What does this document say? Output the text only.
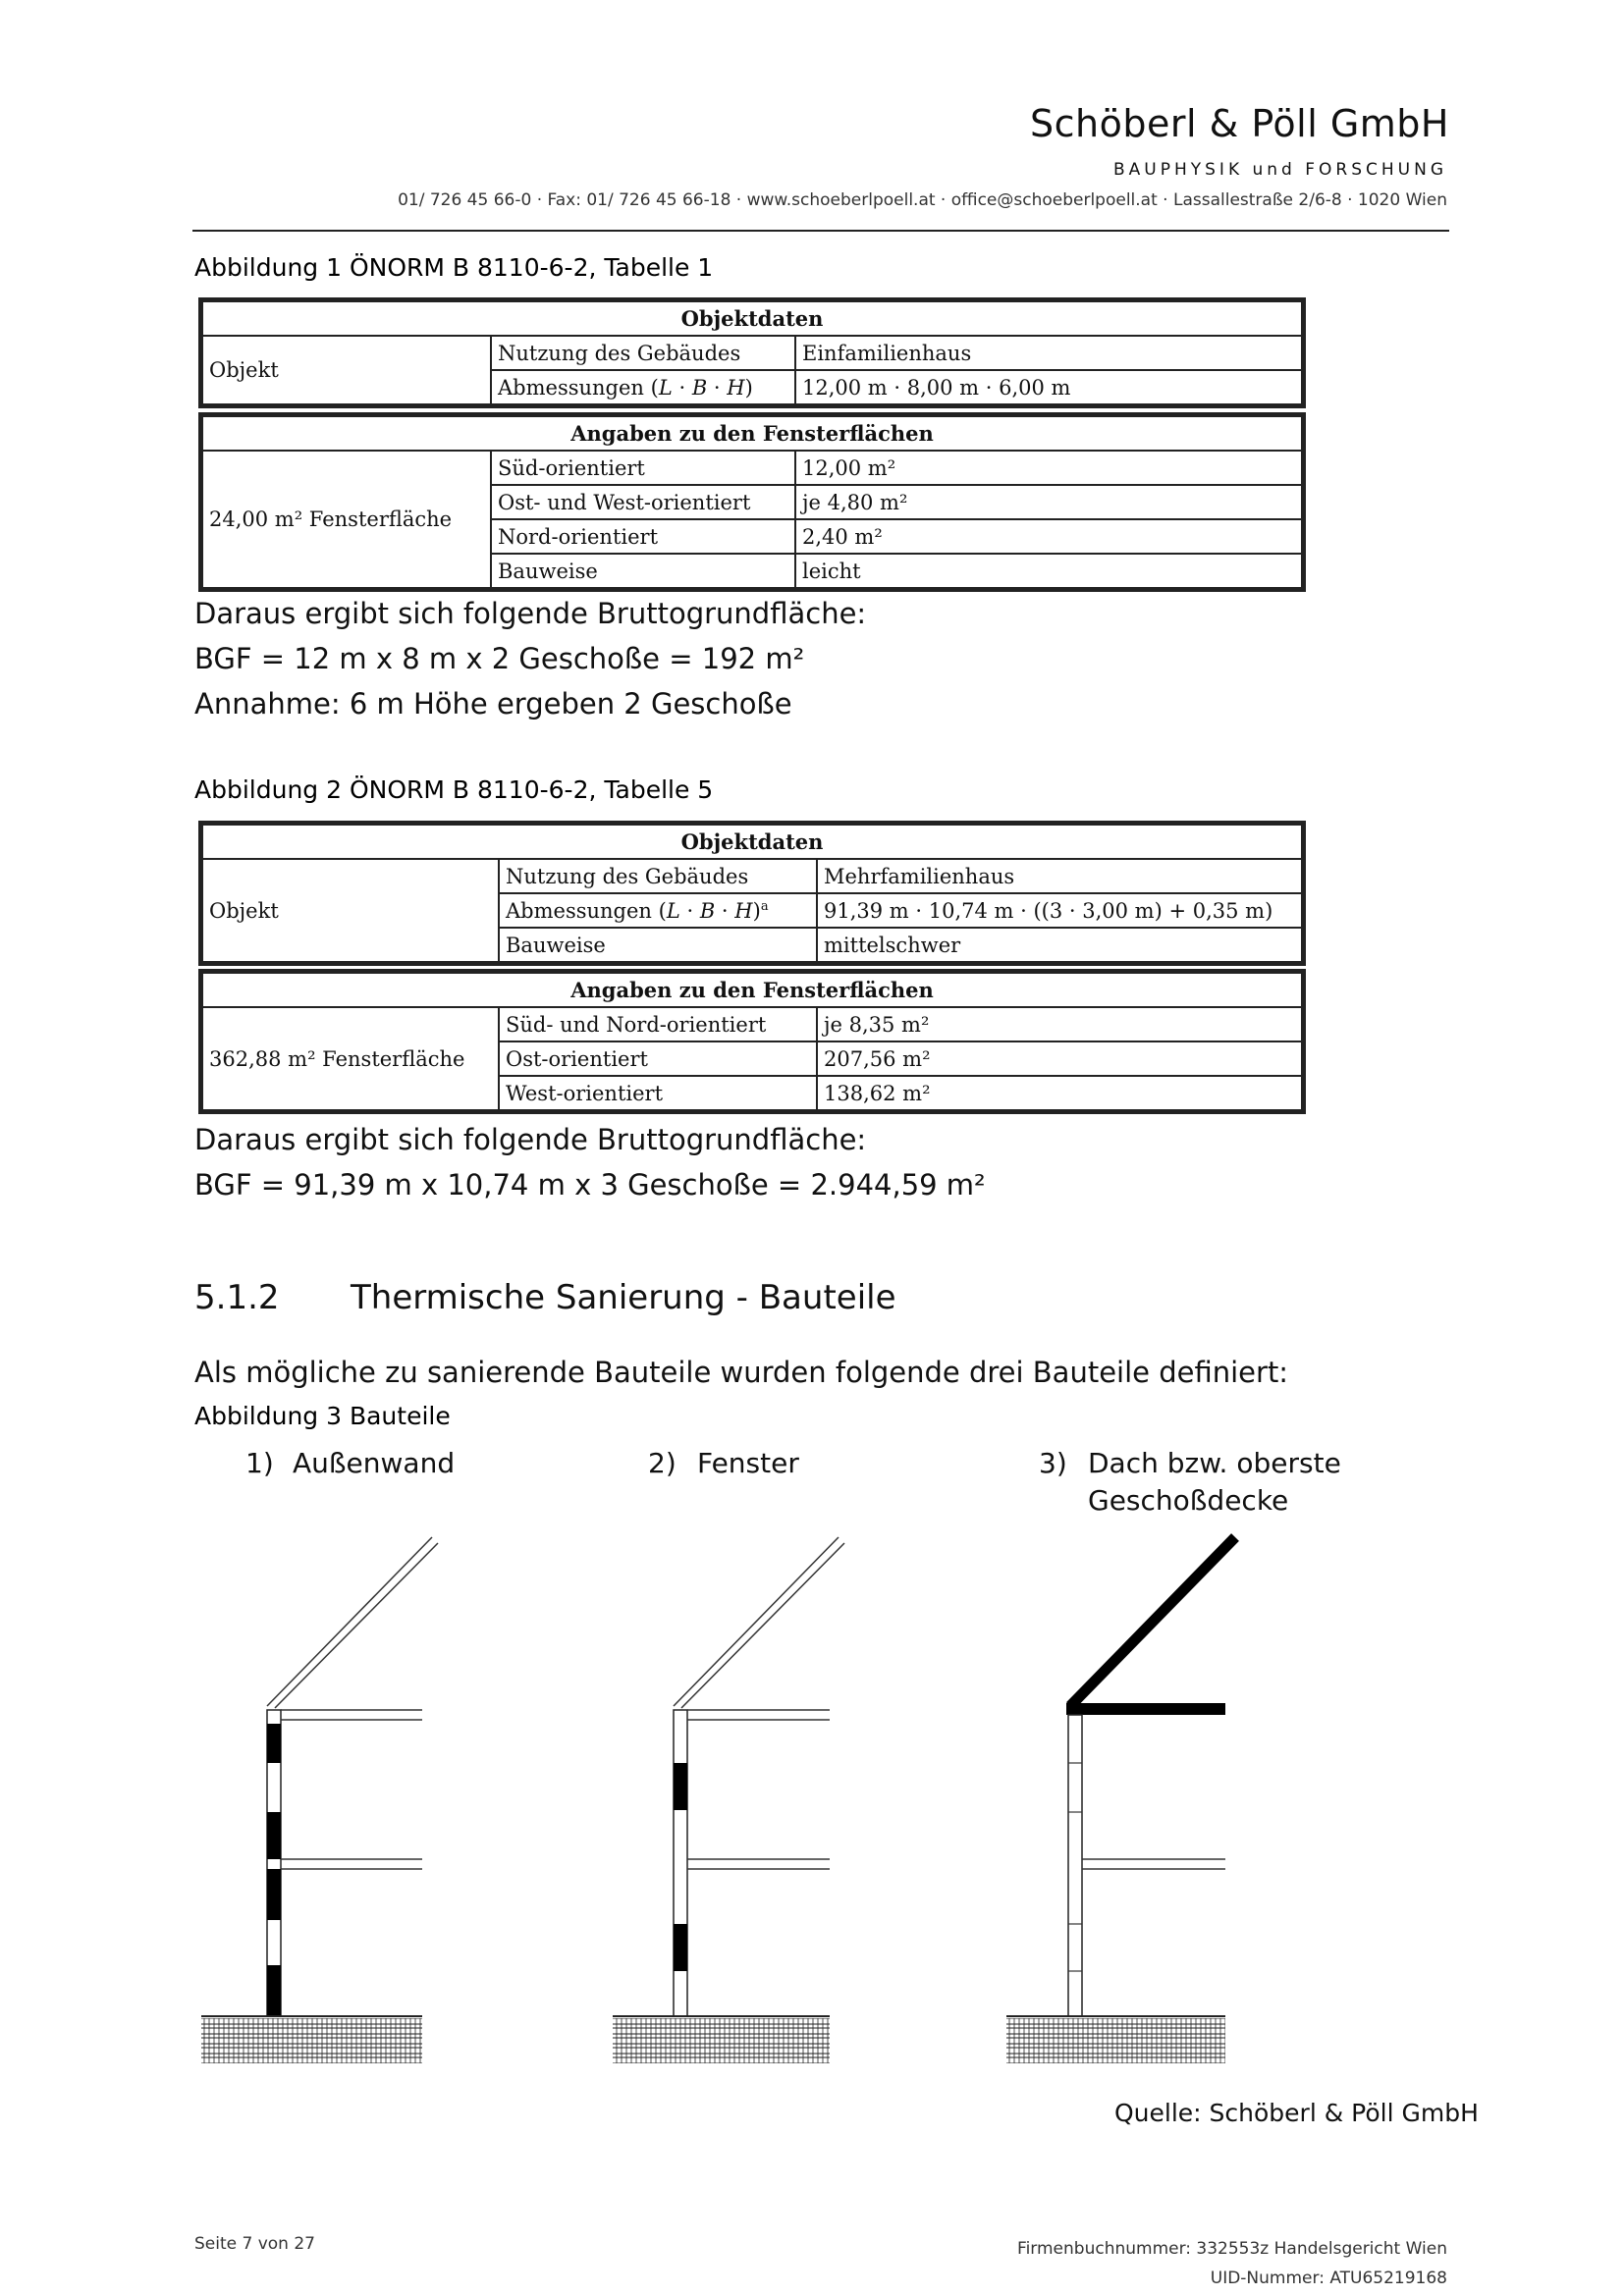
Schöberl & Pöll GmbH
BAUPHYSIK und FORSCHUNG
01/ 726 45 66-0 · Fax: 01/ 726 45 66-18 · www.schoeberlpoell.at · office@schoeberlpoell.at · Lassallestraße 2/6-8 · 1020 Wien
Abbildung 1 ÖNORM B 8110-6-2, Tabelle 1
Objektdaten		
Objekt	Nutzung des Gebäudes	Einfamilienhaus
	Abmessungen (L · B · H)	12,00 m · 8,00 m · 6,00 m
Angaben zu den Fensterflächen		
24,00 m² Fensterfläche	Süd-orientiert	12,00 m²
	Ost- und West-orientiert	je 4,80 m²
	Nord-orientiert	2,40 m²
	Bauweise	leicht
Daraus ergibt sich folgende Bruttogrundfläche:
BGF = 12 m x 8 m x 2 Geschoße = 192 m²
Annahme: 6 m Höhe ergeben 2 Geschoße
Abbildung 2 ÖNORM B 8110-6-2, Tabelle 5
Objektdaten		
Objekt	Nutzung des Gebäudes	Mehrfamilienhaus
	Abmessungen $(L \cdot B \cdot H)^a$	91,39 m · 10,74 m · ((3 · 3,00 m) + 0,35 m)
	Bauweise	mittelschwer
Angaben zu den Fensterflächen		
362,88 m² Fensterfläche	Süd- und Nord-orientiert	je 8,35 m²
	Ost-orientiert	207,56 m²
	West-orientiert	138,62 m²
Daraus ergibt sich folgende Bruttogrundfläche:
BGF = 91,39 m x 10,74 m x 3 Geschoße = 2.944,59 m²
5.1.2 Thermische Sanierung - Bauteile
Als mögliche zu sanierende Bauteile wurden folgende drei Bauteile definiert:
Abbildung 3 Bauteile
1) Außenwand	2) Fenster	3) Dach bzw. oberste
Geschoßdecke
Quelle: Schöberl & Pöll GmbH
Seite 7 von 27	Firmenbuchnummer: 332553z Handelsgericht Wien
UID-Nummer: ATU65219168
